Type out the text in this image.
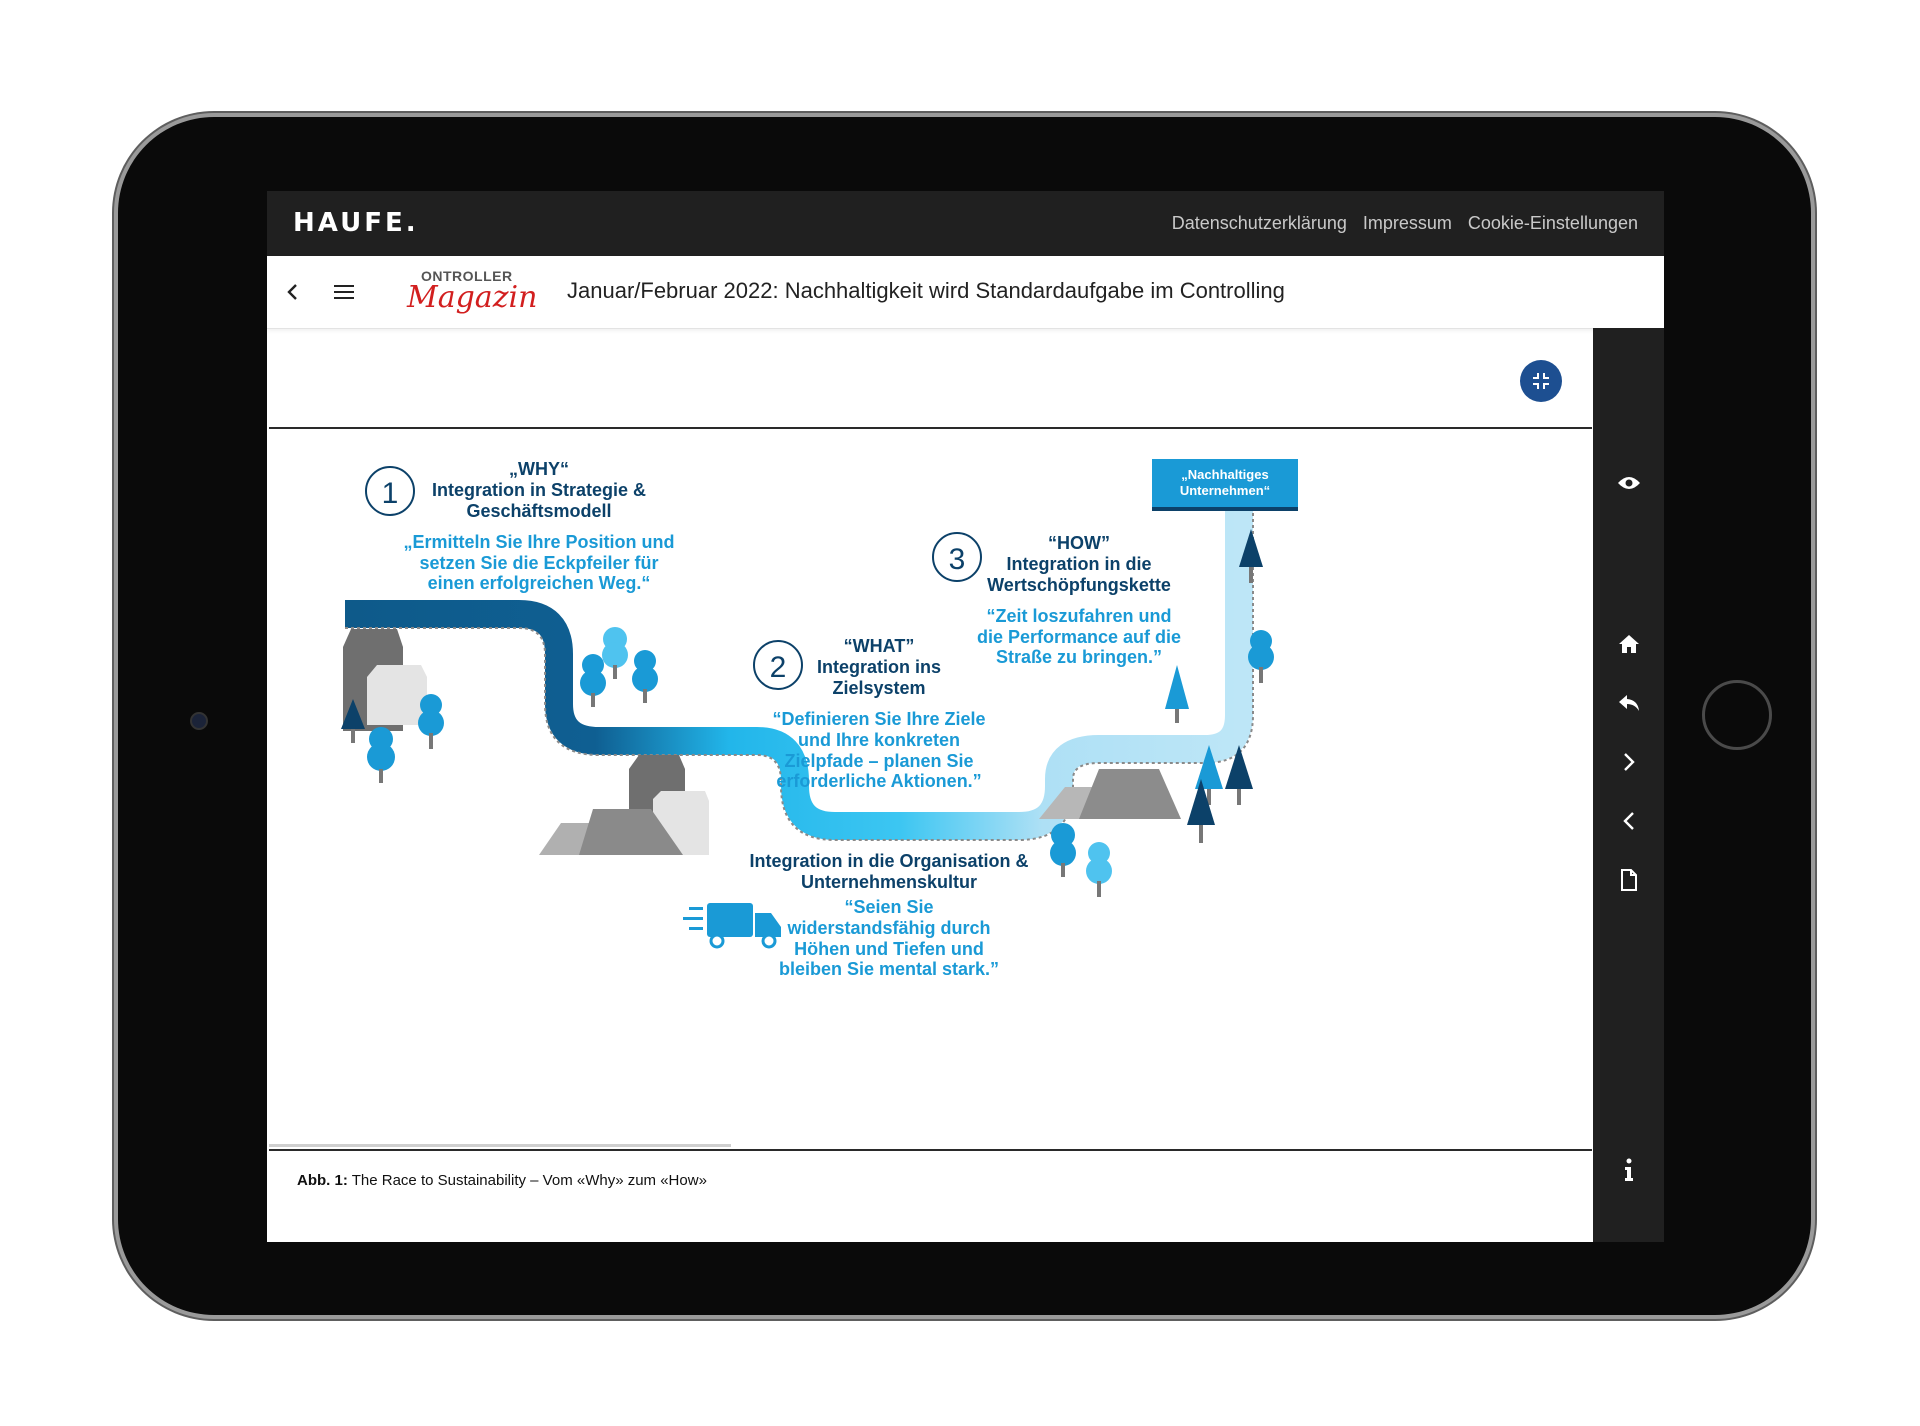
HAUFE.	Datenschutzerklärung Impressum Cookie-Einstellungen
ONTROLLER
Magazin Januar/Februar 2022: Nachhaltigkeit wird Standardaufgabe im Controlling
„Nachhaltiges
Unternehmen“
1
„WHY“
Integration in Strategie &
Geschäftsmodell
„Ermitteln Sie Ihre Position und
setzen Sie die Eckpfeiler für
einen erfolgreichen Weg.“
2
“WHAT”
Integration ins
Zielsystem
“Definieren Sie Ihre Ziele
und Ihre konkreten
Zielpfade – planen Sie
erforderliche Aktionen.”
3	“HOW”
Integration in die
Wertschöpfungskette
“Zeit loszufahren und
die Performance auf die
Straße zu bringen.”
Integration in die Organisation &
Unternehmenskultur
“Seien Sie
widerstandsfähig durch
Höhen und Tiefen und
bleiben Sie mental stark.”
Abb. 1: The Race to Sustainability – Vom «Why» zum «How»
